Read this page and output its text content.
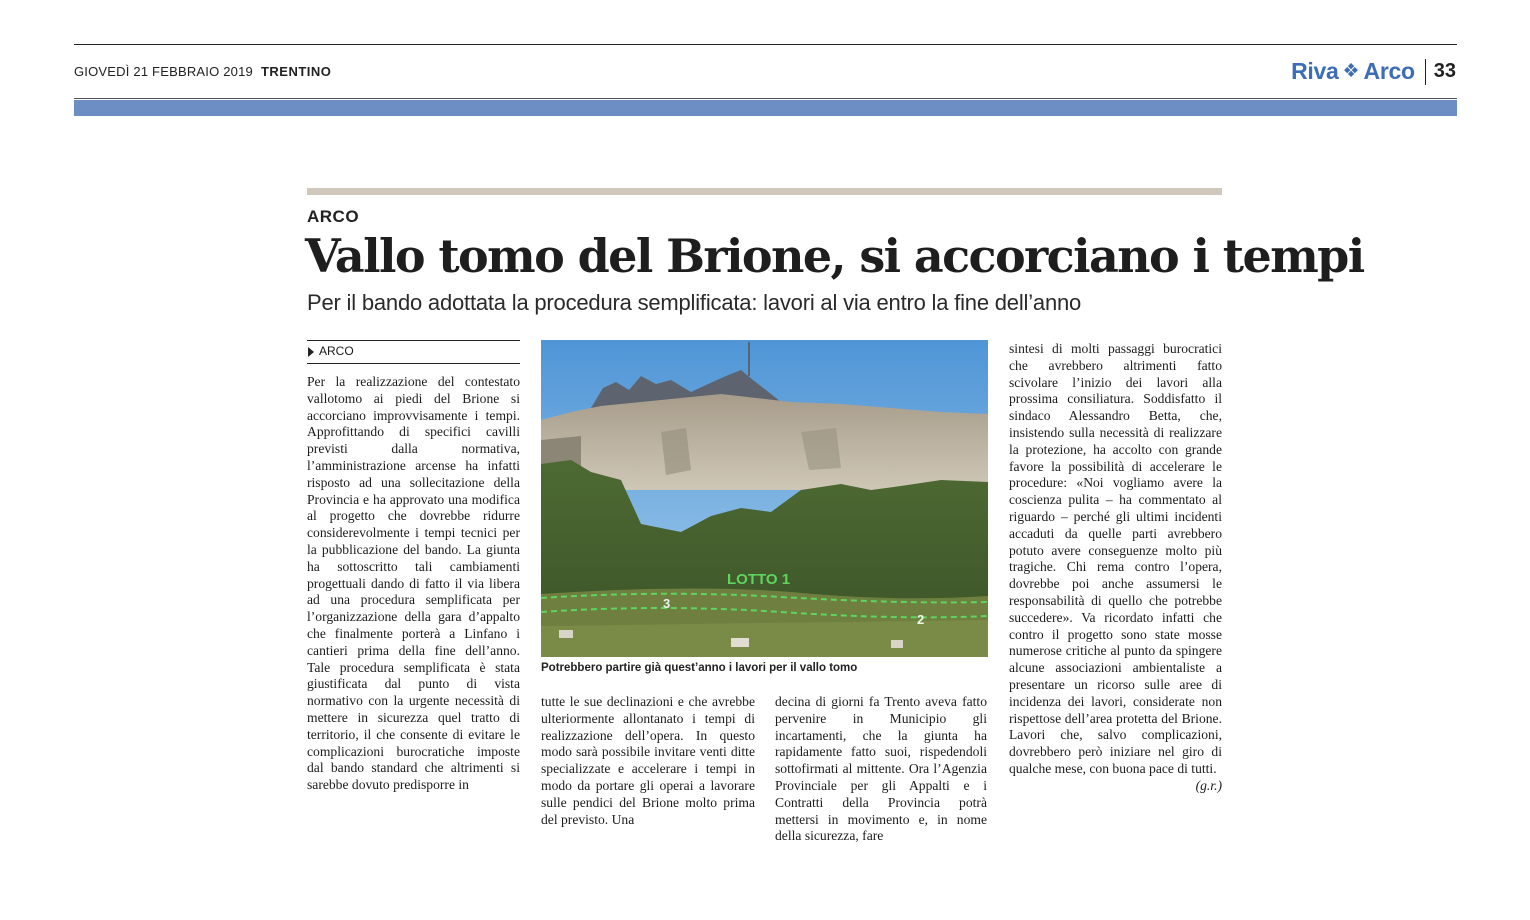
GIOVEDÌ 21 FEBBRAIO 2019 TRENTINO	Riva ❖ Arco 33
ARCO
Vallo tomo del Brione, si accorciano i tempi
Per il bando adottata la procedura semplificata: lavori al via entro la fine dell’anno
ARCO

Per la realizzazione del contestato vallotomo ai piedi del Brione si accorciano improvvisamente i tempi. Approfittando di specifici cavilli previsti dalla normativa, l’amministrazione arcense ha infatti risposto ad una sollecitazione della Provincia e ha approvato una modifica al progetto che dovrebbe ridurre considerevolmente i tempi tecnici per la pubblicazione del bando. La giunta ha sottoscritto tali cambiamenti progettuali dando di fatto il via libera ad una procedura semplificata per l’organizzazione della gara d’appalto che finalmente porterà a Linfano i cantieri prima della fine dell’anno. Tale procedura semplificata è stata giustificata dal punto di vista normativo con la urgente necessità di mettere in sicurezza quel tratto di territorio, il che consente di evitare le complicazioni burocratiche imposte dal bando standard che altrimenti si sarebbe dovuto predisporre in

LOTTO 1
3
2
Potrebbero partire già quest’anno i lavori per il vallo tomo

tutte le sue declinazioni e che avrebbe ulteriormente allontanato i tempi di realizzazione dell’opera. In questo modo sarà possibile invitare venti ditte specializzate e accelerare i tempi in modo da portare gli operai a lavorare sulle pendici del Brione molto prima del previsto. Una

decina di giorni fa Trento aveva fatto pervenire in Municipio gli incartamenti, che la giunta ha rapidamente fatto suoi, rispedendoli sottofirmati al mittente. Ora l’Agenzia Provinciale per gli Appalti e i Contratti della Provincia potrà mettersi in movimento e, in nome della sicurezza, fare

sintesi di molti passaggi burocratici che avrebbero altrimenti fatto scivolare l’inizio dei lavori alla prossima consiliatura. Soddisfatto il sindaco Alessandro Betta, che, insistendo sulla necessità di realizzare la protezione, ha accolto con grande favore la possibilità di accelerare le procedure: «Noi vogliamo avere la coscienza pulita – ha commentato al riguardo – perché gli ultimi incidenti accaduti da quelle parti avrebbero potuto avere conseguenze molto più tragiche. Chi rema contro l’opera, dovrebbe poi anche assumersi le responsabilità di quello che potrebbe succedere». Va ricordato infatti che contro il progetto sono state mosse numerose critiche al punto da spingere alcune associazioni ambientaliste a presentare un ricorso sulle aree di incidenza dei lavori, considerate non rispettose dell’area protetta del Brione. Lavori che, salvo complicazioni, dovrebbero però iniziare nel giro di qualche mese, con buona pace di tutti.
(g.r.)
